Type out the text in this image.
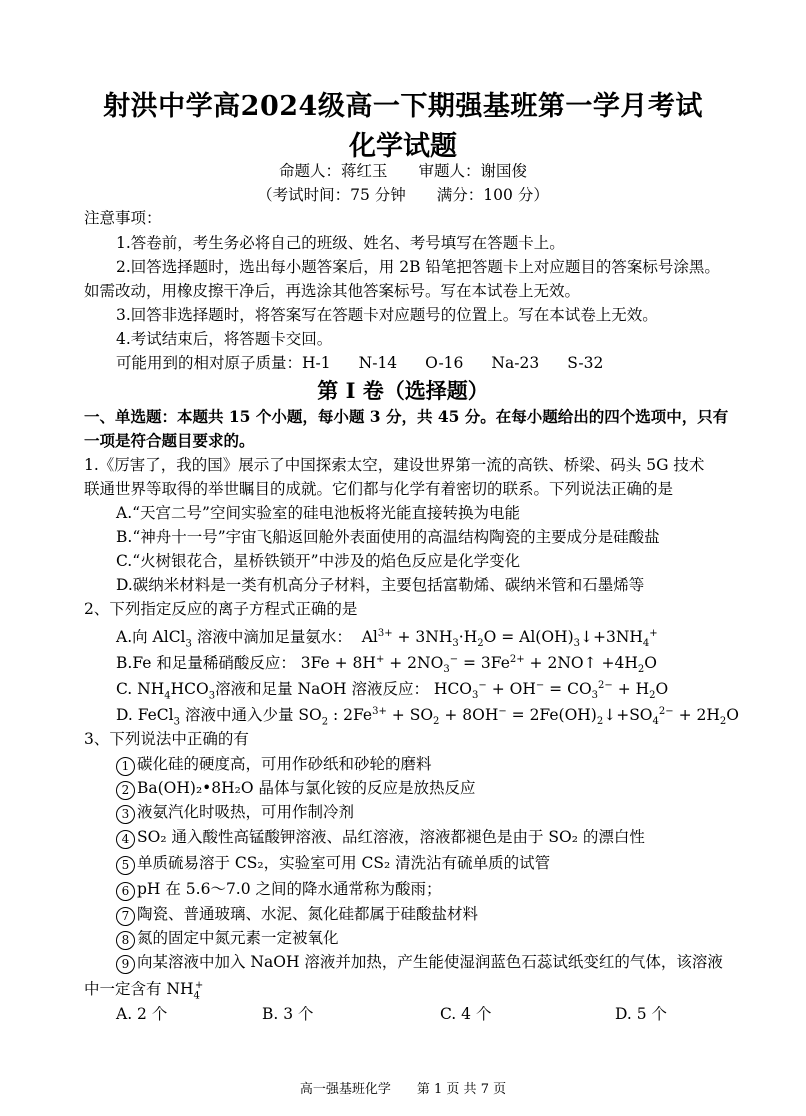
射洪中学高2024级高一下期强基班第一学月考试
化学试题
命题人：蒋红玉　　审题人：谢国俊
（考试时间：75 分钟　　满分：100 分）
注意事项：
1.答卷前，考生务必将自己的班级、姓名、考号填写在答题卡上。
2.回答选择题时，选出每小题答案后，用 2B 铅笔把答题卡上对应题目的答案标号涂黑。
如需改动，用橡皮擦干净后，再选涂其他答案标号。写在本试卷上无效。
3.回答非选择题时，将答案写在答题卡对应题号的位置上。写在本试卷上无效。
4.考试结束后，将答题卡交回。
可能用到的相对原子质量：H-1 N-14 O-16 Na-23 S-32
第 I 卷（选择题）
一、单选题：本题共 15 个小题，每小题 3 分，共 45 分。在每小题给出的四个选项中，只有
一项是符合题目要求的。
1.《厉害了，我的国》展示了中国探索太空，建设世界第一流的高铁、桥梁、码头 5G 技术
联通世界等取得的举世瞩目的成就。它们都与化学有着密切的联系。下列说法正确的是
A.“天宫二号”空间实验室的硅电池板将光能直接转换为电能
B.“神舟十一号”宇宙飞船返回舱外表面使用的高温结构陶瓷的主要成分是硅酸盐
C.“火树银花合，星桥铁锁开”中涉及的焰色反应是化学变化
D.碳纳米材料是一类有机高分子材料，主要包括富勒烯、碳纳米管和石墨烯等
2、下列指定反应的离子方程式正确的是
A.向 AlCl$_3$ 溶液中滴加足量氨水：  $Al^{3+} + 3NH_3\cdot H_2O$ = $Al(OH)_3↓+3NH_4^+$
B.Fe 和足量稀硝酸反应： $3Fe + 8H^+ + 2NO_3^- = 3Fe^{2+}$ + 2NO↑ $+4H_2O$
C. $NH_4HCO_3$溶液和足量 NaOH 溶液反应： $HCO_3^- + OH^- = CO_3^{2-} + H_2O$
D. FeCl$_3$ 溶液中通入少量 $SO_2$ : $2Fe^{3+} + SO_2 + 8OH^-$ = $2Fe(OH)_2↓+SO_4^{2-} + 2H_2O$
3、下列说法中正确的有
1 碳化硅的硬度高，可用作砂纸和砂轮的磨料
2 Ba(OH)₂•8H₂O 晶体与氯化铵的反应是放热反应
3 液氨汽化时吸热，可用作制冷剂
4 SO₂ 通入酸性高锰酸钾溶液、品红溶液，溶液都褪色是由于 SO₂ 的漂白性
5 单质硫易溶于 CS₂，实验室可用 CS₂ 清洗沾有硫单质的试管
6 pH 在 5.6～7.0 之间的降水通常称为酸雨；
7 陶瓷、普通玻璃、水泥、氮化硅都属于硅酸盐材料
8 氮的固定中氮元素一定被氧化
9 向某溶液中加入 NaOH 溶液并加热，产生能使湿润蓝色石蕊试纸变红的气体，该溶液
中一定含有 $NH_4^+$
A. 2 个	B. 3 个	C. 4 个	D. 5 个
高一强基班化学　　第 1 页 共 7 页
